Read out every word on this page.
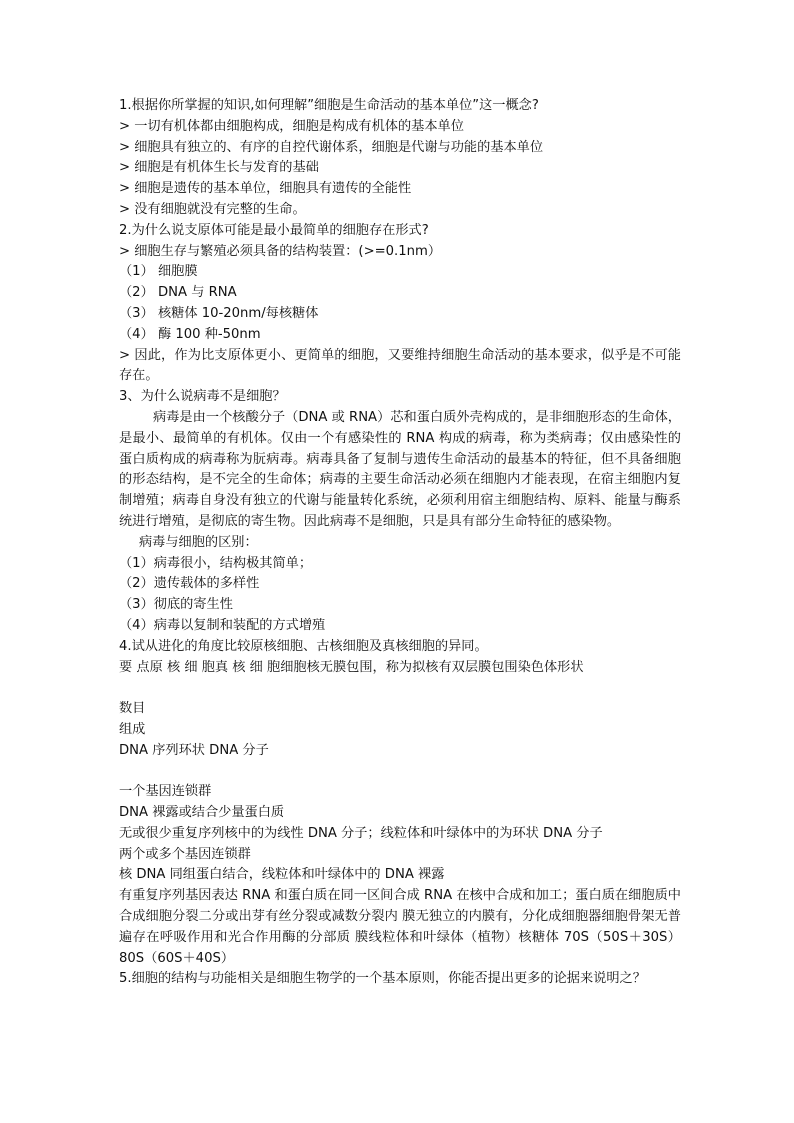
1.根据你所掌握的知识,如何理解”细胞是生命活动的基本单位”这一概念?

> 一切有机体都由细胞构成，细胞是构成有机体的基本单位

> 细胞具有独立的、有序的自控代谢体系，细胞是代谢与功能的基本单位

> 细胞是有机体生长与发育的基础

> 细胞是遗传的基本单位，细胞具有遗传的全能性

> 没有细胞就没有完整的生命。

2.为什么说支原体可能是最小最简单的细胞存在形式?

> 细胞生存与繁殖必须具备的结构装置：(>=0.1nm）

（1） 细胞膜

（2） DNA 与 RNA

（3） 核糖体 10-20nm/每核糖体

（4） 酶 100 种-50nm

> 因此，作为比支原体更小、更简单的细胞，又要维持细胞生命活动的基本要求，似乎是不可能存在。

3、为什么说病毒不是细胞？

病毒是由一个核酸分子（DNA 或 RNA）芯和蛋白质外壳构成的，是非细胞形态的生命体，是最小、最简单的有机体。仅由一个有感染性的 RNA 构成的病毒，称为类病毒；仅由感染性的蛋白质构成的病毒称为朊病毒。病毒具备了复制与遗传生命活动的最基本的特征，但不具备细胞的形态结构，是不完全的生命体；病毒的主要生命活动必须在细胞内才能表现，在宿主细胞内复制增殖；病毒自身没有独立的代谢与能量转化系统，必须利用宿主细胞结构、原料、能量与酶系统进行增殖，是彻底的寄生物。因此病毒不是细胞，只是具有部分生命特征的感染物。

病毒与细胞的区别：

（1）病毒很小，结构极其简单；

（2）遗传载体的多样性

（3）彻底的寄生性

（4）病毒以复制和装配的方式增殖

4.试从进化的角度比较原核细胞、古核细胞及真核细胞的异同。

要 点原 核 细 胞真 核 细 胞细胞核无膜包围，称为拟核有双层膜包围染色体形状

数目

组成

DNA 序列环状 DNA 分子

一个基因连锁群

DNA 裸露或结合少量蛋白质

无或很少重复序列核中的为线性 DNA 分子；线粒体和叶绿体中的为环状 DNA 分子

两个或多个基因连锁群

核 DNA 同组蛋白结合，线粒体和叶绿体中的 DNA 裸露

有重复序列基因表达 RNA 和蛋白质在同一区间合成 RNA 在核中合成和加工；蛋白质在细胞质中合成细胞分裂二分或出芽有丝分裂或减数分裂内 膜无独立的内膜有，分化成细胞器细胞骨架无普遍存在呼吸作用和光合作用酶的分部质 膜线粒体和叶绿体（植物）核糖体 70S（50S＋30S）80S（60S＋40S）

5.细胞的结构与功能相关是细胞生物学的一个基本原则，你能否提出更多的论据来说明之？
